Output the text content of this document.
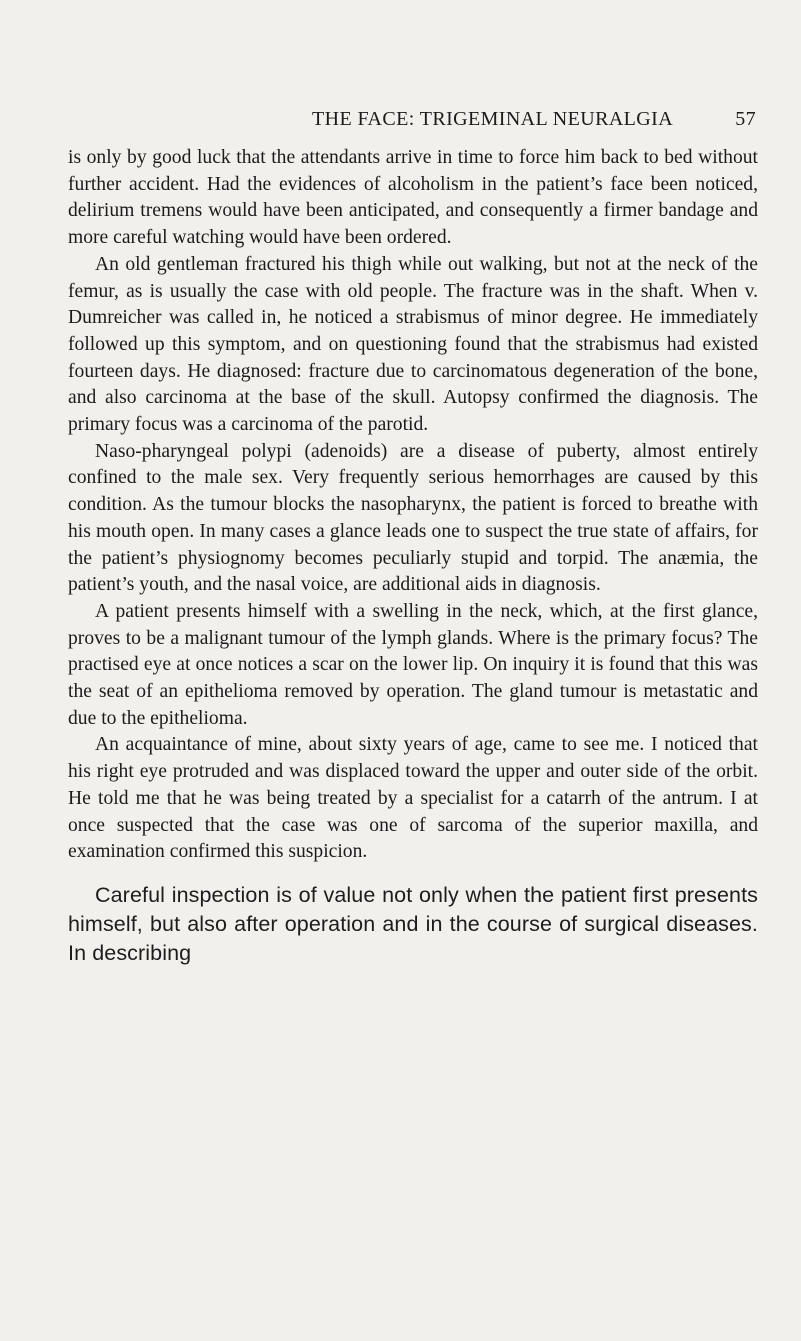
THE FACE: TRIGEMINAL NEURALGIA	57

is only by good luck that the attendants arrive in time to force him back to bed without further accident. Had the evidences of alcoholism in the patient’s face been noticed, delirium tremens would have been anticipated, and consequently a firmer bandage and more careful watching would have been ordered.

An old gentleman fractured his thigh while out walking, but not at the neck of the femur, as is usually the case with old people. The fracture was in the shaft. When v. Dumreicher was called in, he noticed a strabismus of minor degree. He immediately followed up this symptom, and on questioning found that the strabismus had existed fourteen days. He diagnosed: fracture due to carcinomatous degeneration of the bone, and also carcinoma at the base of the skull. Autopsy confirmed the diagnosis. The primary focus was a carcinoma of the parotid.

Naso-pharyngeal polypi (adenoids) are a disease of puberty, almost entirely confined to the male sex. Very frequently serious hemorrhages are caused by this condition. As the tumour blocks the nasopharynx, the patient is forced to breathe with his mouth open. In many cases a glance leads one to suspect the true state of affairs, for the patient’s physiognomy becomes peculiarly stupid and torpid. The anæmia, the patient’s youth, and the nasal voice, are additional aids in diagnosis.

A patient presents himself with a swelling in the neck, which, at the first glance, proves to be a malignant tumour of the lymph glands. Where is the primary focus? The practised eye at once notices a scar on the lower lip. On inquiry it is found that this was the seat of an epithelioma removed by operation. The gland tumour is metastatic and due to the epithelioma.

An acquaintance of mine, about sixty years of age, came to see me. I noticed that his right eye protruded and was displaced toward the upper and outer side of the orbit. He told me that he was being treated by a specialist for a catarrh of the antrum. I at once suspected that the case was one of sarcoma of the superior maxilla, and examination confirmed this suspicion.

Careful inspection is of value not only when the patient first presents himself, but also after operation and in the course of surgical diseases. In describing
